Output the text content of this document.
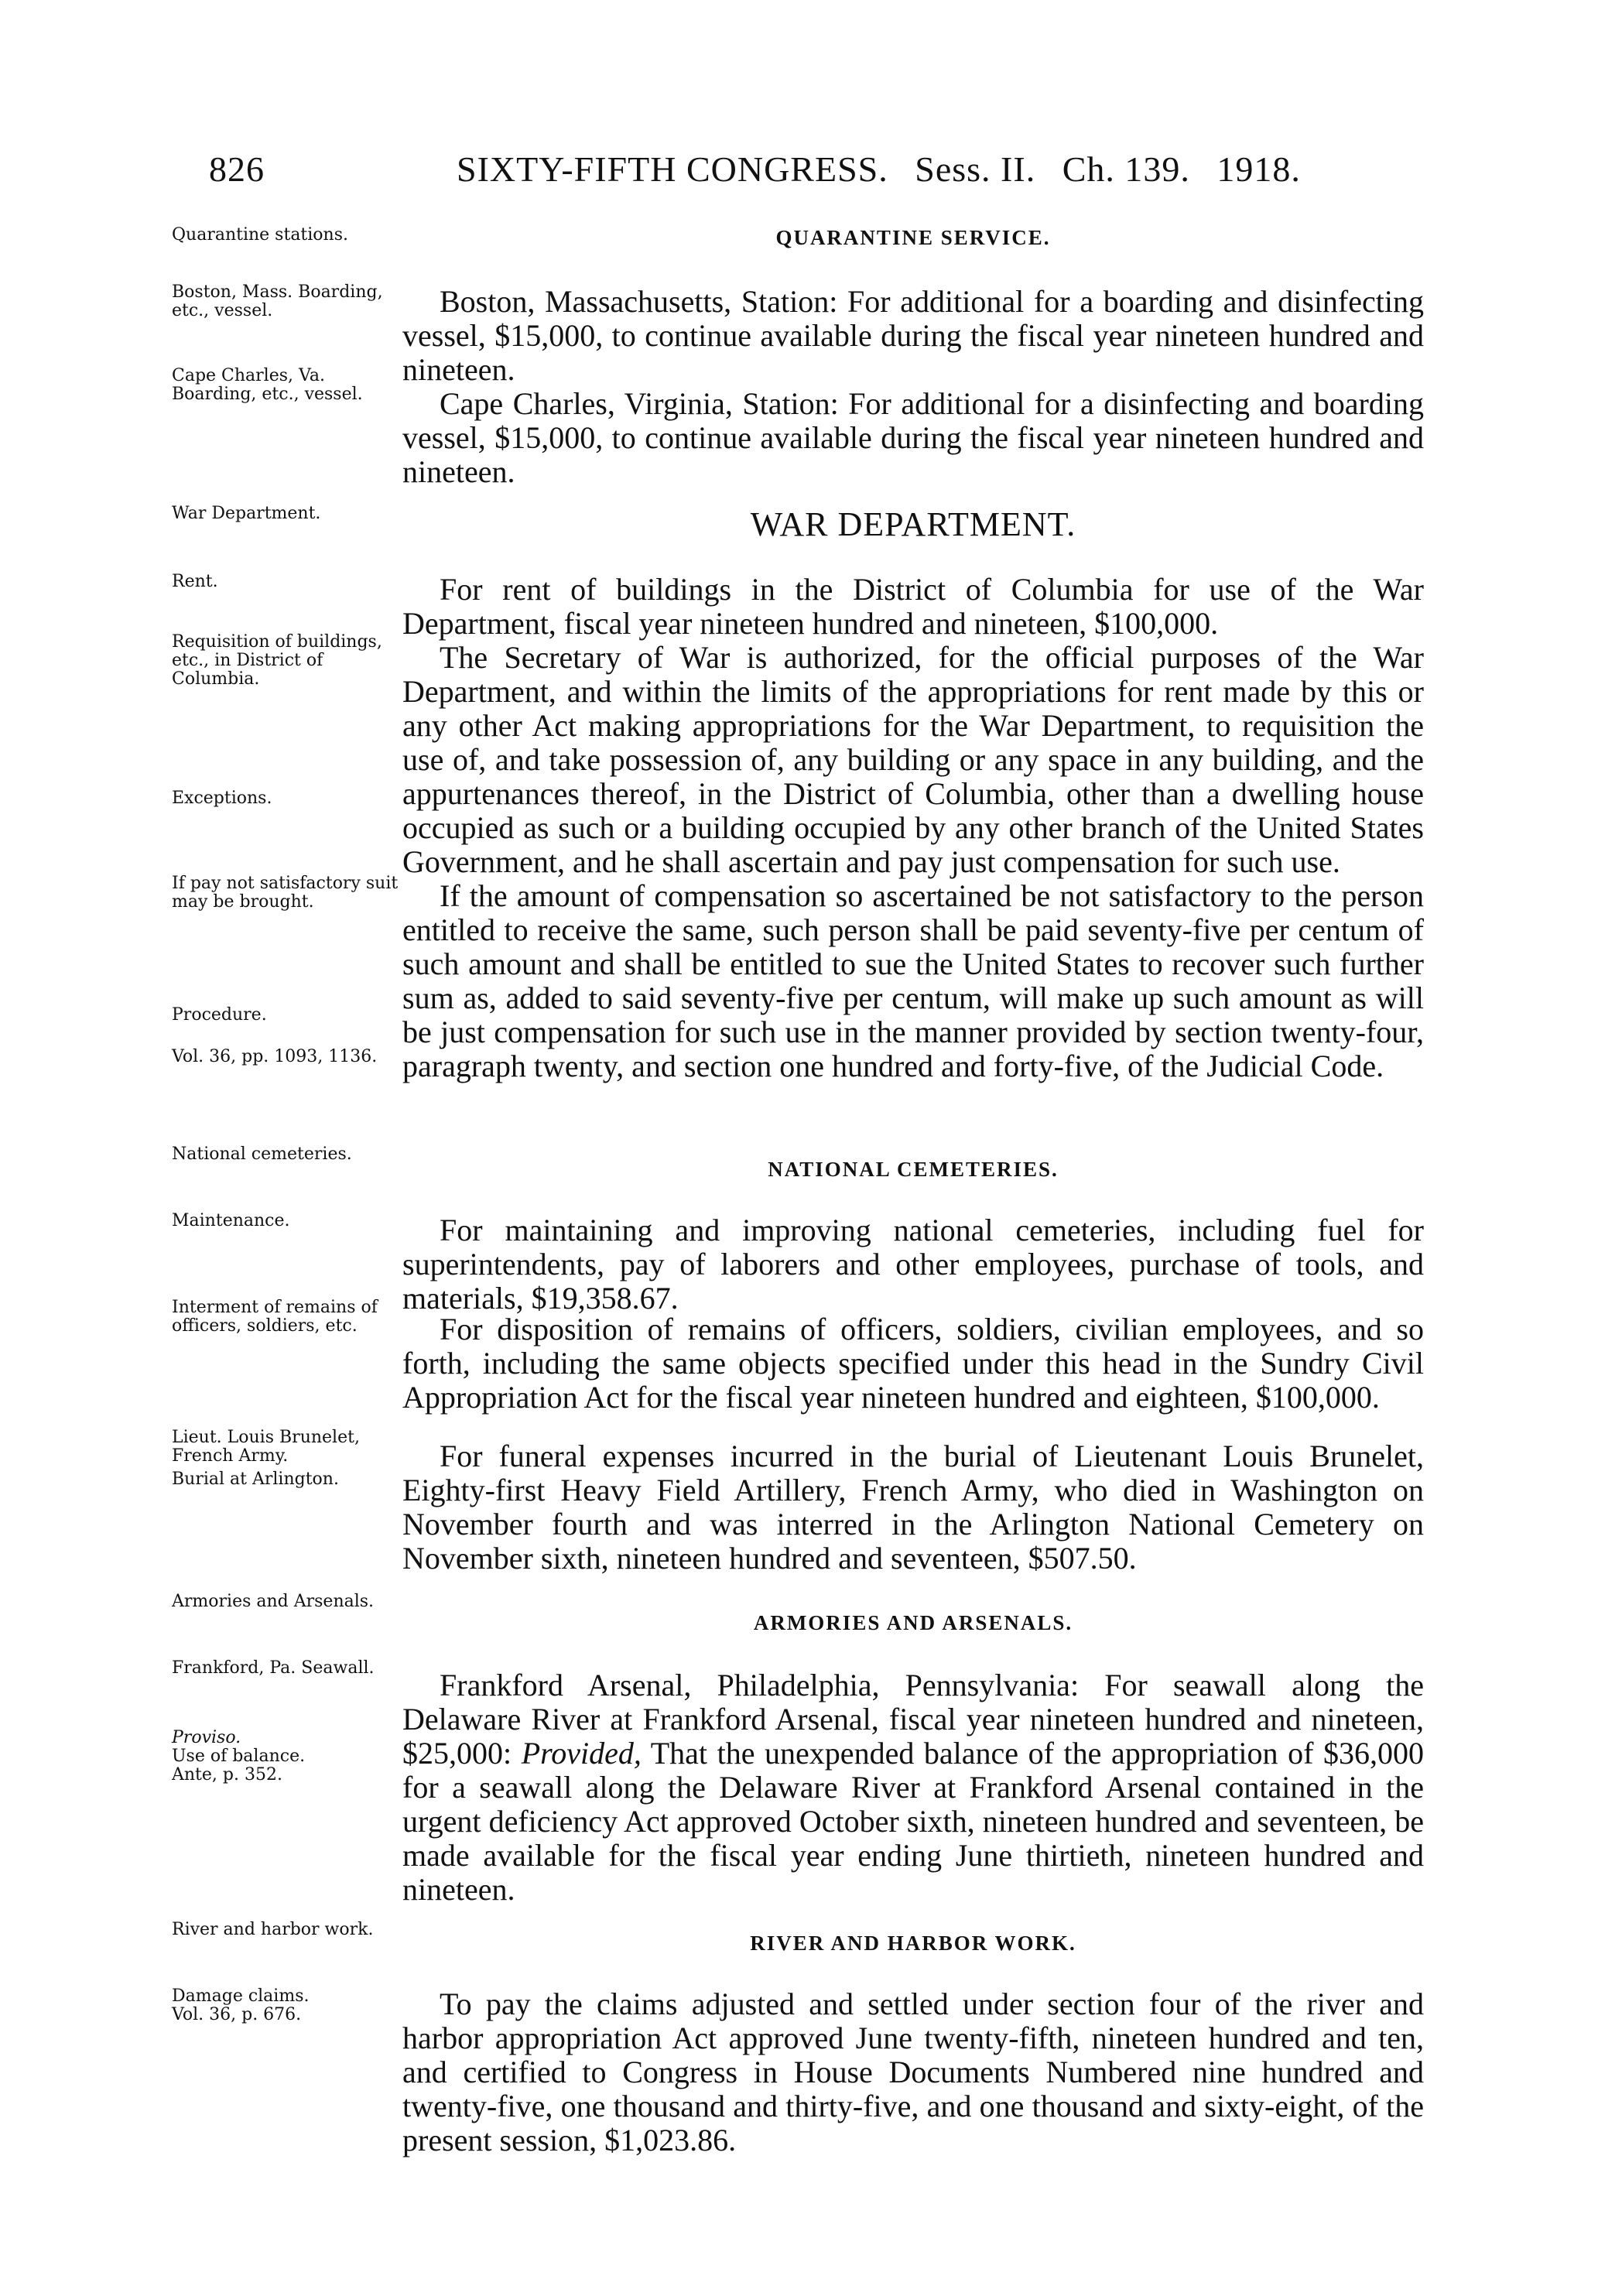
826	SIXTY-FIFTH CONGRESS. Sess. II. Ch. 139. 1918.
Quarantine stations.
Boston, Mass. Boarding, etc., vessel.
Cape Charles, Va. Boarding, etc., vessel.
War Department.
Rent.
Requisition of buildings, etc., in District of Columbia.
Exceptions.
If pay not satisfactory suit may be brought.
Procedure.
Vol. 36, pp. 1093, 1136.
National cemeteries.
Maintenance.
Interment of remains of officers, soldiers, etc.
Lieut. Louis Brunelet, French Army.
Burial at Arlington.
Armories and Arsenals.
Frankford, Pa. Seawall.
Proviso.
Use of balance.
Ante, p. 352.
River and harbor work.
Damage claims.
Vol. 36, p. 676.
QUARANTINE SERVICE.

Boston, Massachusetts, Station: For additional for a boarding and disinfecting vessel, $15,000, to continue available during the fiscal year nineteen hundred and nineteen.

Cape Charles, Virginia, Station: For additional for a disinfecting and boarding vessel, $15,000, to continue available during the fiscal year nineteen hundred and nineteen.

WAR DEPARTMENT.

For rent of buildings in the District of Columbia for use of the War Department, fiscal year nineteen hundred and nineteen, $100,000.

The Secretary of War is authorized, for the official purposes of the War Department, and within the limits of the appropriations for rent made by this or any other Act making appropriations for the War Department, to requisition the use of, and take possession of, any building or any space in any building, and the appurtenances thereof, in the District of Columbia, other than a dwelling house occupied as such or a building occupied by any other branch of the United States Government, and he shall ascertain and pay just compensation for such use.

If the amount of compensation so ascertained be not satisfactory to the person entitled to receive the same, such person shall be paid seventy-five per centum of such amount and shall be entitled to sue the United States to recover such further sum as, added to said seventy-five per centum, will make up such amount as will be just compensation for such use in the manner provided by section twenty-four, paragraph twenty, and section one hundred and forty-five, of the Judicial Code.

NATIONAL CEMETERIES.

For maintaining and improving national cemeteries, including fuel for superintendents, pay of laborers and other employees, purchase of tools, and materials, $19,358.67.

For disposition of remains of officers, soldiers, civilian employees, and so forth, including the same objects specified under this head in the Sundry Civil Appropriation Act for the fiscal year nineteen hundred and eighteen, $100,000.

For funeral expenses incurred in the burial of Lieutenant Louis Brunelet, Eighty-first Heavy Field Artillery, French Army, who died in Washington on November fourth and was interred in the Arlington National Cemetery on November sixth, nineteen hundred and seventeen, $507.50.

ARMORIES AND ARSENALS.

Frankford Arsenal, Philadelphia, Pennsylvania: For seawall along the Delaware River at Frankford Arsenal, fiscal year nineteen hundred and nineteen, $25,000: Provided, That the unexpended balance of the appropriation of $36,000 for a seawall along the Delaware River at Frankford Arsenal contained in the urgent deficiency Act approved October sixth, nineteen hundred and seventeen, be made available for the fiscal year ending June thirtieth, nineteen hundred and nineteen.

RIVER AND HARBOR WORK.

To pay the claims adjusted and settled under section four of the river and harbor appropriation Act approved June twenty-fifth, nineteen hundred and ten, and certified to Congress in House Documents Numbered nine hundred and twenty-five, one thousand and thirty-five, and one thousand and sixty-eight, of the present session, $1,023.86.
